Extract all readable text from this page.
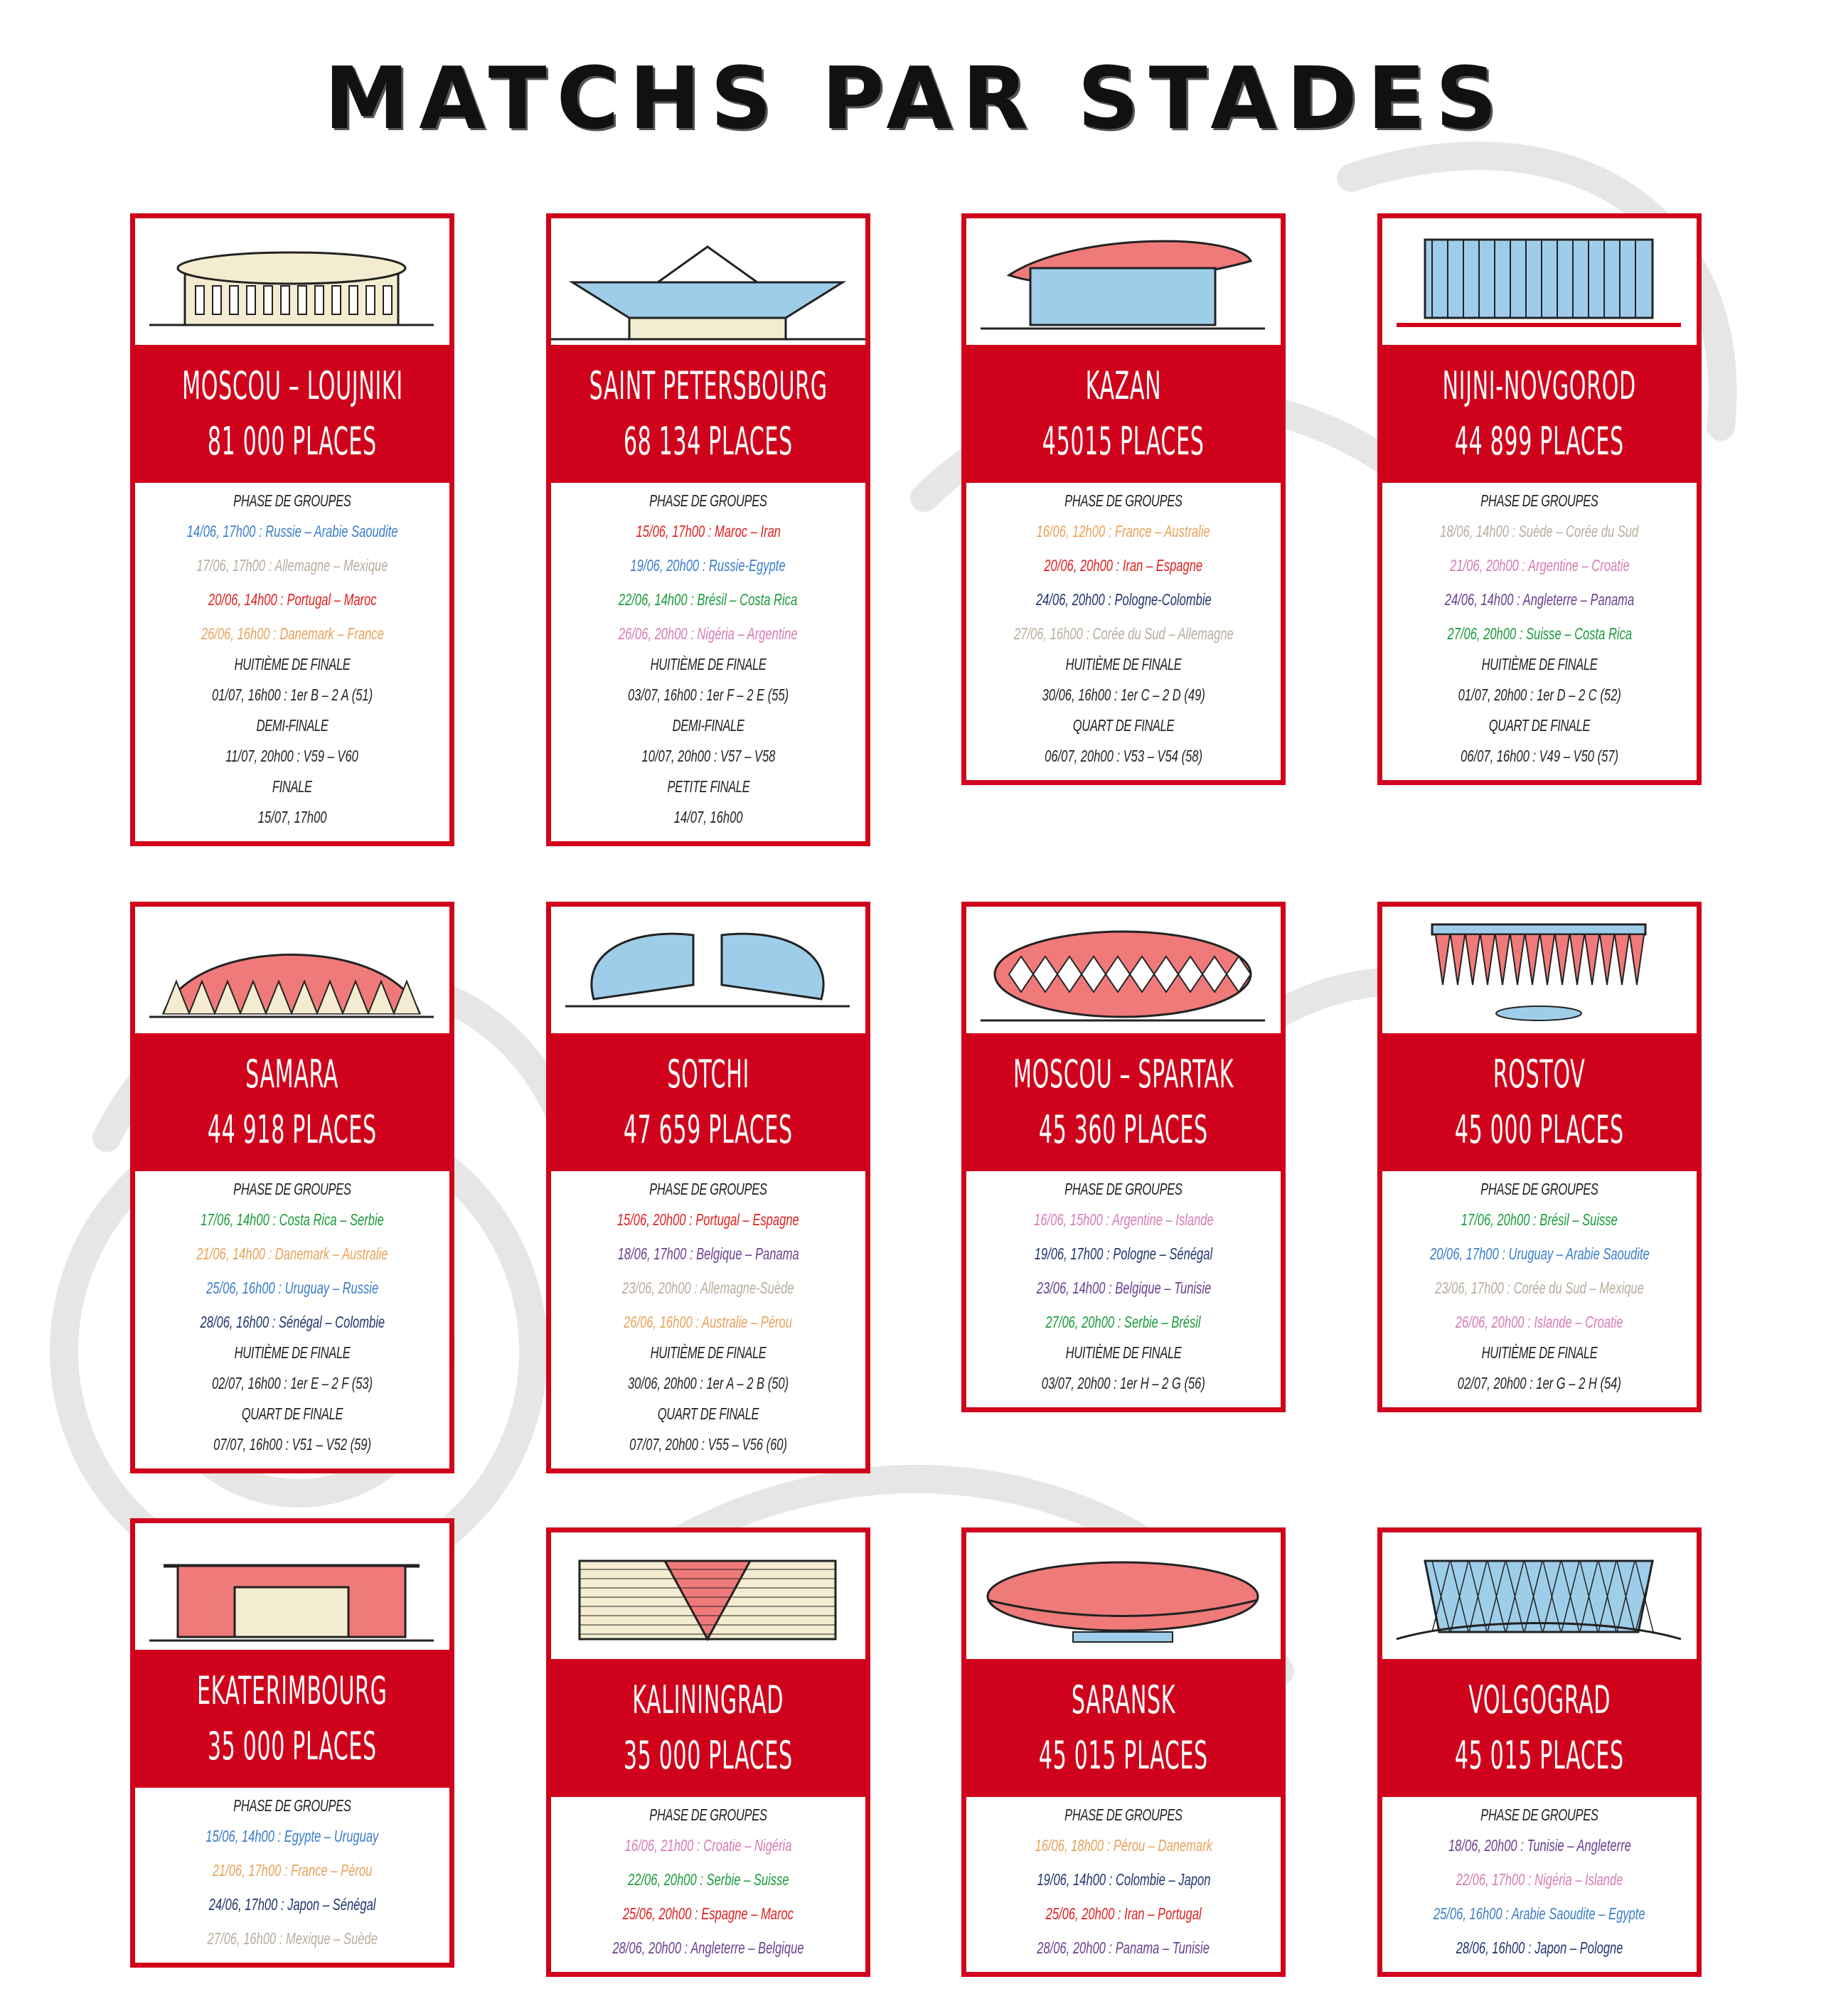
MATCHS PAR STADES
MOSCOU – LOUJNIKI
81 000 PLACES
PHASE DE GROUPES
14/06, 17h00 : Russie – Arabie Saoudite
17/06, 17h00 : Allemagne – Mexique
20/06, 14h00 : Portugal – Maroc
26/06, 16h00 : Danemark – France
HUITIÈME DE FINALE
01/07, 16h00 : 1er B – 2 A (51)
DEMI-FINALE
11/07, 20h00 : V59 – V60
FINALE
15/07, 17h00
SAINT PETERSBOURG
68 134 PLACES
PHASE DE GROUPES
15/06, 17h00 : Maroc – Iran
19/06, 20h00 : Russie-Egypte
22/06, 14h00 : Brésil – Costa Rica
26/06, 20h00 : Nigéria – Argentine
HUITIÈME DE FINALE
03/07, 16h00 : 1er F – 2 E (55)
DEMI-FINALE
10/07, 20h00 : V57 – V58
PETITE FINALE
14/07, 16h00
KAZAN
45015 PLACES
PHASE DE GROUPES
16/06, 12h00 : France – Australie
20/06, 20h00 : Iran – Espagne
24/06, 20h00 : Pologne-Colombie
27/06, 16h00 : Corée du Sud – Allemagne
HUITIÈME DE FINALE
30/06, 16h00 : 1er C – 2 D (49)
QUART DE FINALE
06/07, 20h00 : V53 – V54 (58)
NIJNI-NOVGOROD
44 899 PLACES
PHASE DE GROUPES
18/06, 14h00 : Suède – Corée du Sud
21/06, 20h00 : Argentine – Croatie
24/06, 14h00 : Angleterre – Panama
27/06, 20h00 : Suisse – Costa Rica
HUITIÈME DE FINALE
01/07, 20h00 : 1er D – 2 C (52)
QUART DE FINALE
06/07, 16h00 : V49 – V50 (57)
SAMARA
44 918 PLACES
PHASE DE GROUPES
17/06, 14h00 : Costa Rica – Serbie
21/06, 14h00 : Danemark – Australie
25/06, 16h00 : Uruguay – Russie
28/06, 16h00 : Sénégal – Colombie
HUITIÈME DE FINALE
02/07, 16h00 : 1er E – 2 F (53)
QUART DE FINALE
07/07, 16h00 : V51 – V52 (59)
SOTCHI
47 659 PLACES
PHASE DE GROUPES
15/06, 20h00 : Portugal – Espagne
18/06, 17h00 : Belgique – Panama
23/06, 20h00 : Allemagne-Suède
26/06, 16h00 : Australie – Pérou
HUITIÈME DE FINALE
30/06, 20h00 : 1er A – 2 B (50)
QUART DE FINALE
07/07, 20h00 : V55 – V56 (60)
MOSCOU – SPARTAK
45 360 PLACES
PHASE DE GROUPES
16/06, 15h00 : Argentine – Islande
19/06, 17h00 : Pologne – Sénégal
23/06, 14h00 : Belgique – Tunisie
27/06, 20h00 : Serbie – Brésil
HUITIÈME DE FINALE
03/07, 20h00 : 1er H – 2 G (56)
ROSTOV
45 000 PLACES
PHASE DE GROUPES
17/06, 20h00 : Brésil – Suisse
20/06, 17h00 : Uruguay – Arabie Saoudite
23/06, 17h00 : Corée du Sud – Mexique
26/06, 20h00 : Islande – Croatie
HUITIÈME DE FINALE
02/07, 20h00 : 1er G – 2 H (54)
EKATERIMBOURG
35 000 PLACES
PHASE DE GROUPES
15/06, 14h00 : Egypte – Uruguay
21/06, 17h00 : France – Pérou
24/06, 17h00 : Japon – Sénégal
27/06, 16h00 : Mexique – Suède
KALININGRAD
35 000 PLACES
PHASE DE GROUPES
16/06, 21h00 : Croatie – Nigéria
22/06, 20h00 : Serbie – Suisse
25/06, 20h00 : Espagne – Maroc
28/06, 20h00 : Angleterre – Belgique
SARANSK
45 015 PLACES
PHASE DE GROUPES
16/06, 18h00 : Pérou – Danemark
19/06, 14h00 : Colombie – Japon
25/06, 20h00 : Iran – Portugal
28/06, 20h00 : Panama – Tunisie
VOLGOGRAD
45 015 PLACES
PHASE DE GROUPES
18/06, 20h00 : Tunisie – Angleterre
22/06, 17h00 : Nigéria – Islande
25/06, 16h00 : Arabie Saoudite – Egypte
28/06, 16h00 : Japon – Pologne
